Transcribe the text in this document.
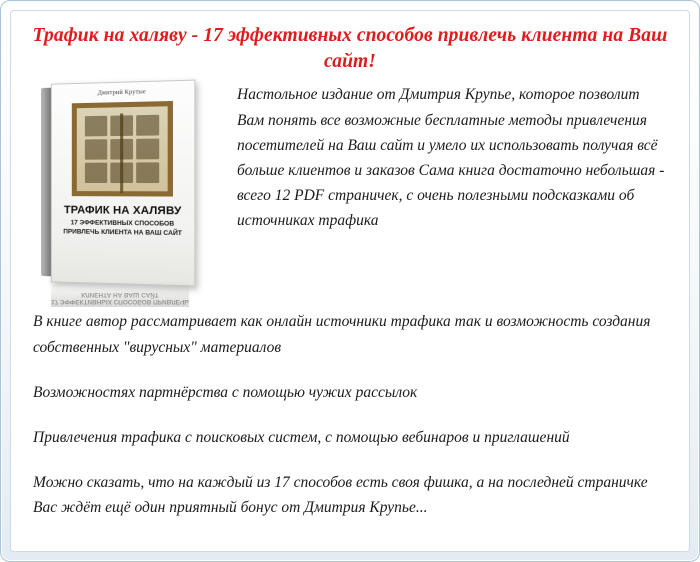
Трафик на халяву - 17 эффективных способов привлечь клиента на Ваш сайт!
Дмитрий Крутые
ТРАФИК НА ХАЛЯВУ
17 ЭФФЕКТИВНЫХ СПОСОБОВ ПРИВЛЕЧЬ КЛИЕНТА НА ВАШ САЙТ
17 ЭФФЕКТИВНЫХ СПОСОБОВ ПРИВЛЕЧЬ КЛИЕНТА НА ВАШ САЙТ

Настольное издание от Дмитрия Крупье, которое позволит Вам понять все возможные бесплатные методы привлечения посетителей на Ваш сайт и умело их использовать получая всё больше клиентов и заказов Сама книга достаточно небольшая - всего 12 PDF страничек, с очень полезными подсказками об источниках трафика

В книге автор рассматривает как онлайн источники трафика так и возможность создания собственных "вирусных" материалов

Возможностях партнёрства с помощью чужих рассылок

Привлечения трафика с поисковых систем, с помощью вебинаров и приглашений

Можно сказать, что на каждый из 17 способов есть своя фишка, а на последней страничке Вас ждёт ещё один приятный бонус от Дмитрия Крупье...
